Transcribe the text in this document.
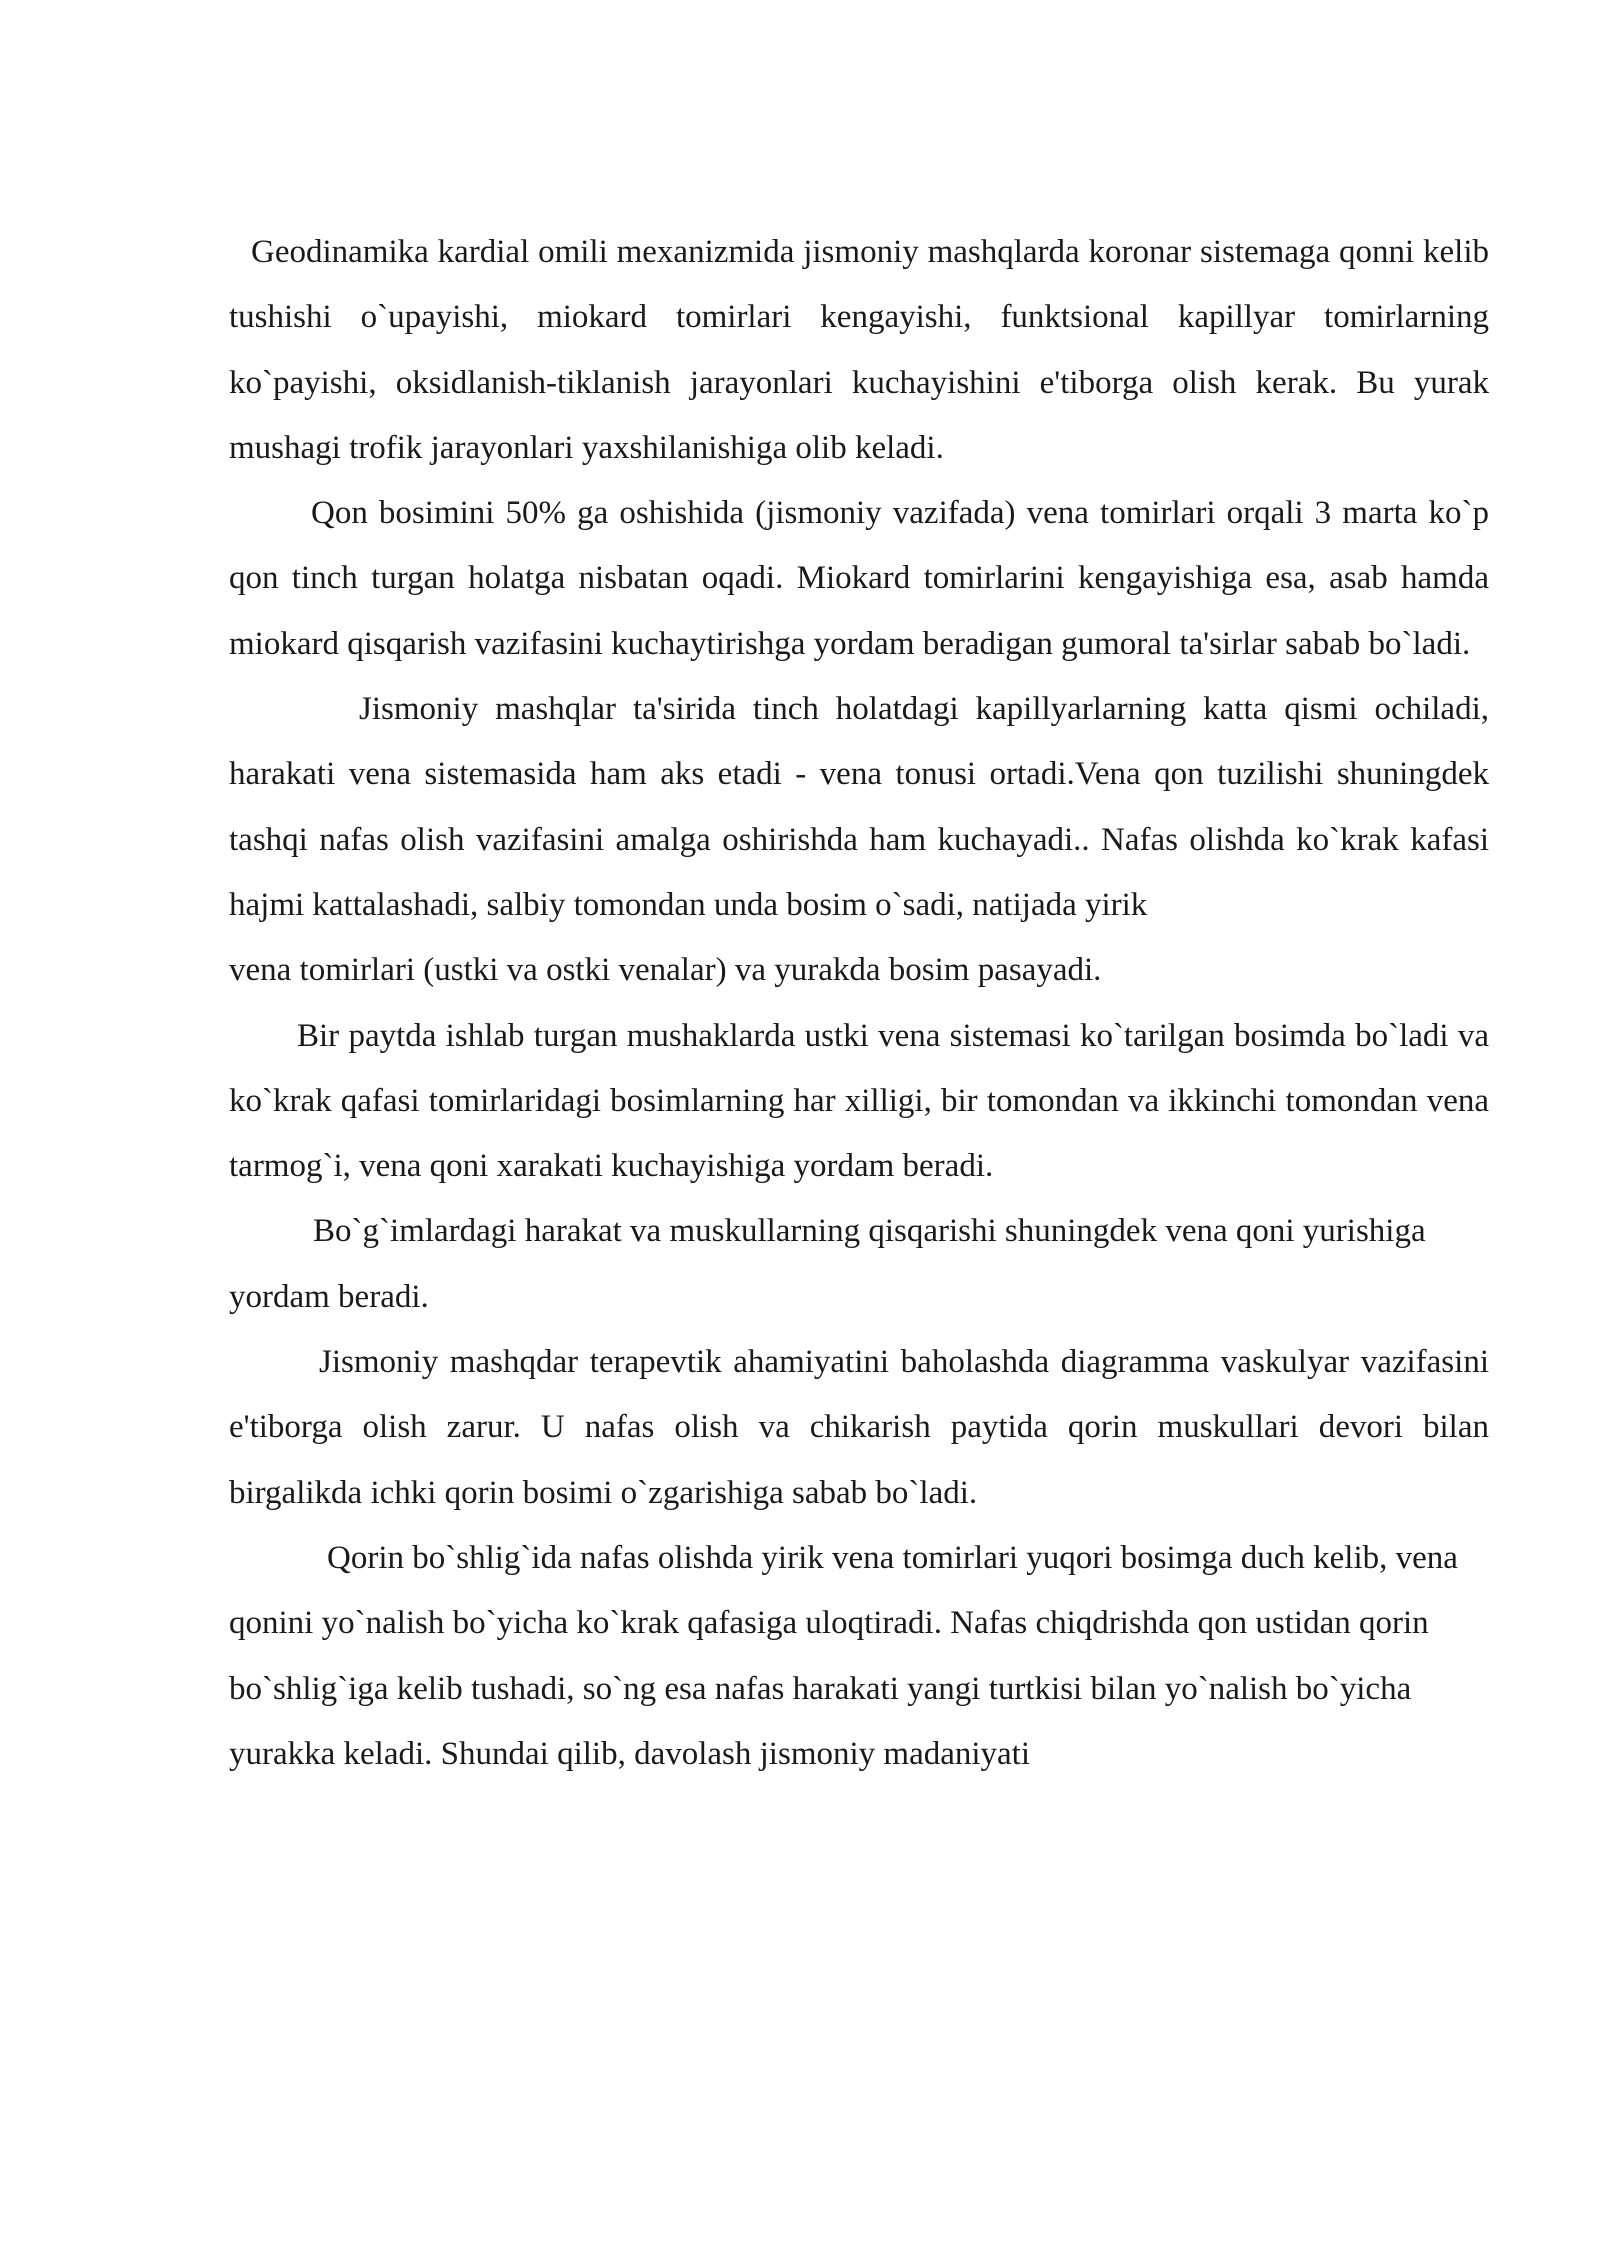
Geodinamika kardial omili mexanizmida jismoniy mashqlarda koronar sistemaga qonni kelib tushishi o`upayishi, miokard tomirlari kengayishi, funktsional kapillyar tomirlarning ko`payishi, oksidlanish-tiklanish jarayonlari kuchayishini e'tiborga olish kerak. Bu yurak mushagi trofik jarayonlari yaxshilanishiga olib keladi.

Qon bosimini 50% ga oshishida (jismoniy vazifada) vena tomirlari orqali 3 marta ko`p qon tinch turgan holatga nisbatan oqadi. Miokard tomirlarini kengayishiga esa, asab hamda miokard qisqarish vazifasini kuchaytirishga yordam beradigan gumoral ta'sirlar sabab bo`ladi.

Jismoniy mashqlar ta'sirida tinch holatdagi kapillyarlarning katta qismi ochiladi, harakati vena sistemasida ham aks etadi - vena tonusi ortadi.Vena qon tuzilishi shuningdek tashqi nafas olish vazifasini amalga oshirishda ham kuchayadi.. Nafas olishda ko`krak kafasi hajmi kattalashadi, salbiy tomondan unda bosim o`sadi, natijada yirik

vena tomirlari (ustki va ostki venalar) va yurakda bosim pasayadi.

Bir paytda ishlab turgan mushaklarda ustki vena sistemasi ko`tarilgan bosimda bo`ladi va ko`krak qafasi tomirlaridagi bosimlarning har xilligi, bir tomondan va ikkinchi tomondan vena tarmog`i, vena qoni xarakati kuchayishiga yordam beradi.

Bo`g`imlardagi harakat va muskullarning qisqarishi shuningdek vena qoni yurishiga

yordam beradi.

Jismoniy mashqdar terapevtik ahamiyatini baholashda diagramma vaskulyar vazifasini e'tiborga olish zarur. U nafas olish va chikarish paytida qorin muskullari devori bilan birgalikda ichki qorin bosimi o`zgarishiga sabab bo`ladi.

Qorin bo`shlig`ida nafas olishda yirik vena tomirlari yuqori bosimga duch kelib, vena qonini yo`nalish bo`yicha ko`krak qafasiga uloqtiradi. Nafas chiqdrishda qon ustidan qorin bo`shlig`iga kelib tushadi, so`ng esa nafas harakati yangi turtkisi bilan yo`nalish bo`yicha yurakka keladi. Shundai qilib, davolash jismoniy madaniyati
